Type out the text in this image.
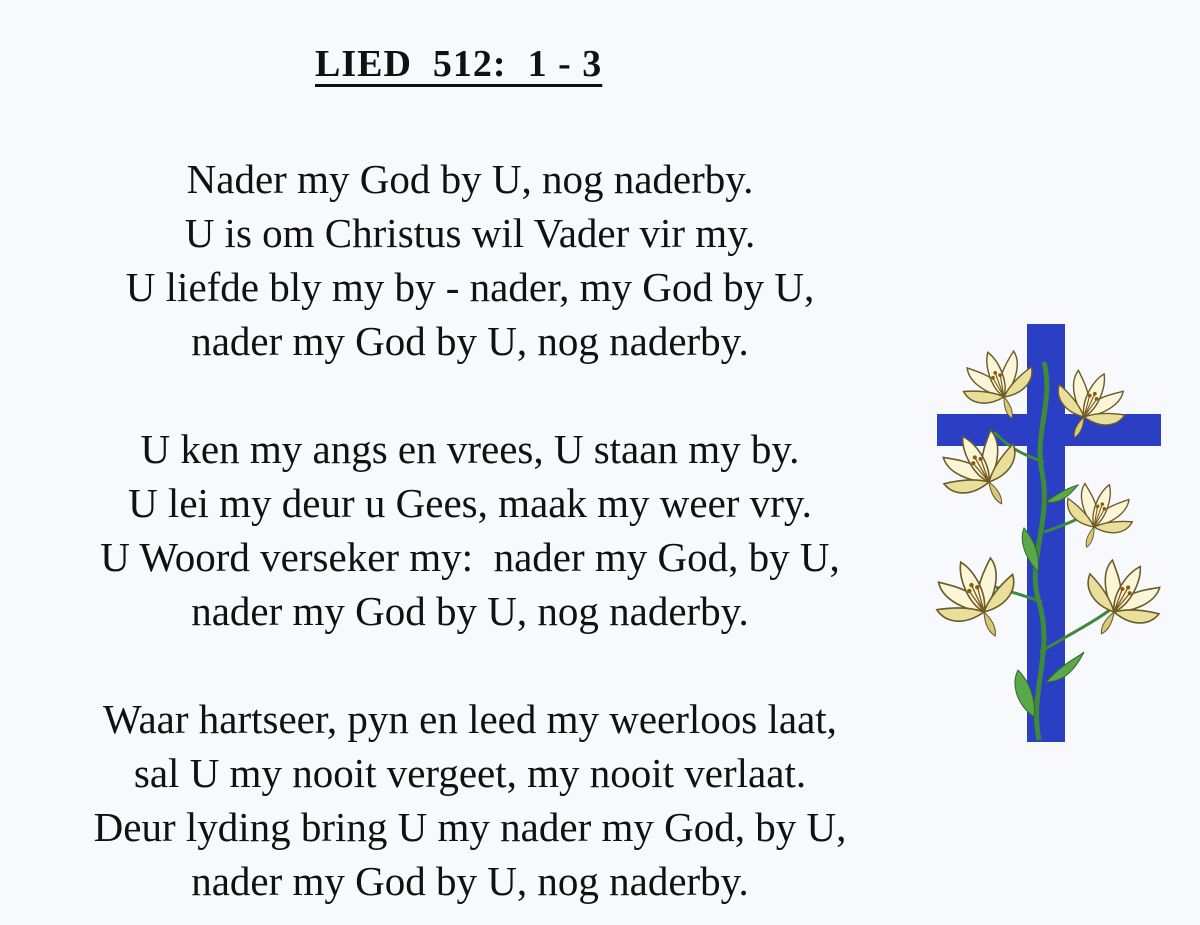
LIED  512:  1 - 3
Nader my God by U, nog naderby.
U is om Christus wil Vader vir my.
U liefde bly my by - nader, my God by U,
nader my God by U, nog naderby.
U ken my angs en vrees, U staan my by.
U lei my deur u Gees, maak my weer vry.
U Woord verseker my:  nader my God, by U,
nader my God by U, nog naderby.
Waar hartseer, pyn en leed my weerloos laat,
sal U my nooit vergeet, my nooit verlaat.
Deur lyding bring U my nader my God, by U,
nader my God by U, nog naderby.
